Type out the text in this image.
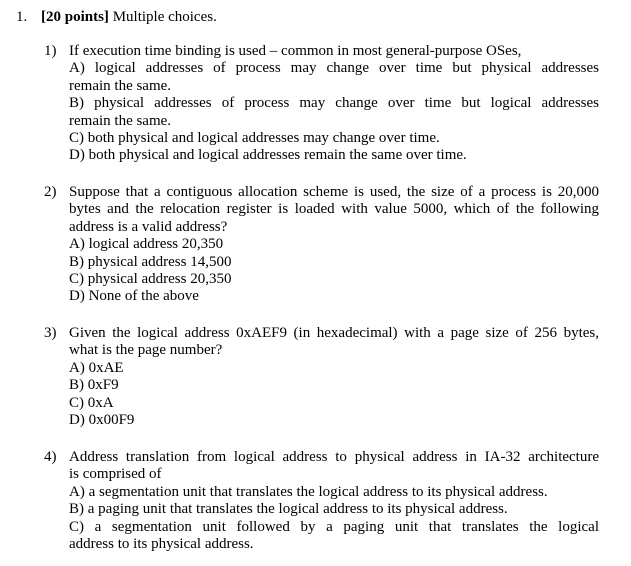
1. [20 points] Multiple choices.
1) If execution time binding is used – common in most general-purpose OSes,
A) logical addresses of process may change over time but physical addresses
remain the same.
B) physical addresses of process may change over time but logical addresses
remain the same.
C) both physical and logical addresses may change over time.
D) both physical and logical addresses remain the same over time.
2) Suppose that a contiguous allocation scheme is used, the size of a process is 20,000
bytes and the relocation register is loaded with value 5000, which of the following
address is a valid address?
A) logical address 20,350
B) physical address 14,500
C) physical address 20,350
D) None of the above
3) Given the logical address 0xAEF9 (in hexadecimal) with a page size of 256 bytes,
what is the page number?
A) 0xAE
B) 0xF9
C) 0xA
D) 0x00F9
4) Address translation from logical address to physical address in IA-32 architecture
is comprised of
A) a segmentation unit that translates the logical address to its physical address.
B) a paging unit that translates the logical address to its physical address.
C) a segmentation unit followed by a paging unit that translates the logical
address to its physical address.
